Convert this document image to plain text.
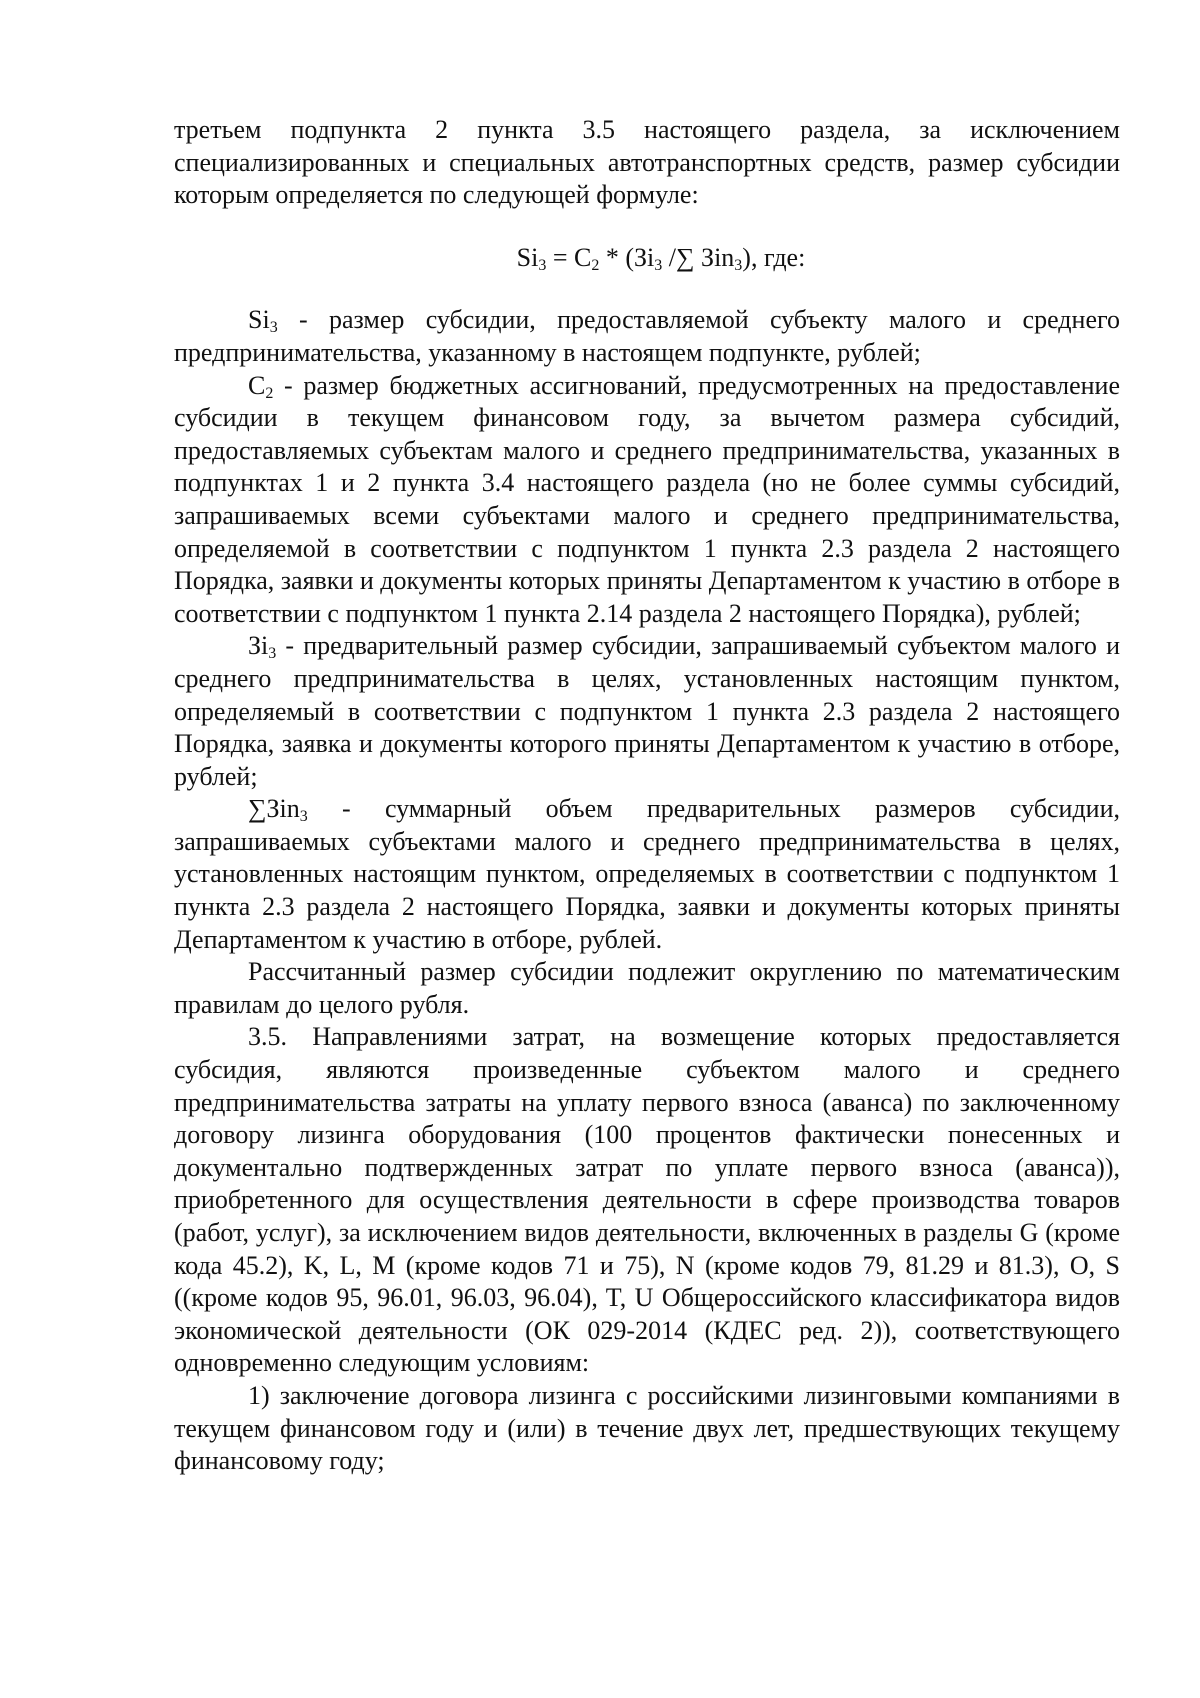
третьем подпункта 2 пункта 3.5 настоящего раздела, за исключением специализированных и специальных автотранспортных средств, размер субсидии которым определяется по следующей формуле:

$Si_3 = С_2 * (Зi_3$ /∑ Зin$_3$), где:

$Si_3$ - размер субсидии, предоставляемой субъекту малого и среднего предпринимательства, указанному в настоящем подпункте, рублей;

$С_2$ - размер бюджетных ассигнований, предусмотренных на предоставление субсидии в текущем финансовом году, за вычетом размера субсидий, предоставляемых субъектам малого и среднего предпринимательства, указанных в подпунктах 1 и 2 пункта 3.4 настоящего раздела (но не более суммы субсидий, запрашиваемых всеми субъектами малого и среднего предпринимательства, определяемой в соответствии с подпунктом 1 пункта 2.3 раздела 2 настоящего Порядка, заявки и документы которых приняты Департаментом к участию в отборе в соответствии с подпунктом 1 пункта 2.14 раздела 2 настоящего Порядка), рублей;

$Зi_3$ - предварительный размер субсидии, запрашиваемый субъектом малого и среднего предпринимательства в целях, установленных настоящим пунктом, определяемый в соответствии с подпунктом 1 пункта 2.3 раздела 2 настоящего Порядка, заявка и документы которого приняты Департаментом к участию в отборе, рублей;

∑Зin$_3$ - суммарный объем предварительных размеров субсидии, запрашиваемых субъектами малого и среднего предпринимательства в целях, установленных настоящим пунктом, определяемых в соответствии с подпунктом 1 пункта 2.3 раздела 2 настоящего Порядка, заявки и документы которых приняты Департаментом к участию в отборе, рублей.

Рассчитанный размер субсидии подлежит округлению по математическим правилам до целого рубля.

3.5. Направлениями затрат, на возмещение которых предоставляется субсидия, являются произведенные субъектом малого и среднего предпринимательства затраты на уплату первого взноса (аванса) по заключенному договору лизинга оборудования (100 процентов фактически понесенных и документально подтвержденных затрат по уплате первого взноса (аванса)), приобретенного для осуществления деятельности в сфере производства товаров (работ, услуг), за исключением видов деятельности, включенных в разделы G (кроме кода 45.2), K, L, M (кроме кодов 71 и 75), N (кроме кодов 79, 81.29 и 81.3), O, S ((кроме кодов 95, 96.01, 96.03, 96.04), T, U Общероссийского классификатора видов экономической деятельности (ОК 029-2014 (КДЕС ред. 2)), соответствующего одновременно следующим условиям:

1) заключение договора лизинга с российскими лизинговыми компаниями в текущем финансовом году и (или) в течение двух лет, предшествующих текущему финансовому году;
